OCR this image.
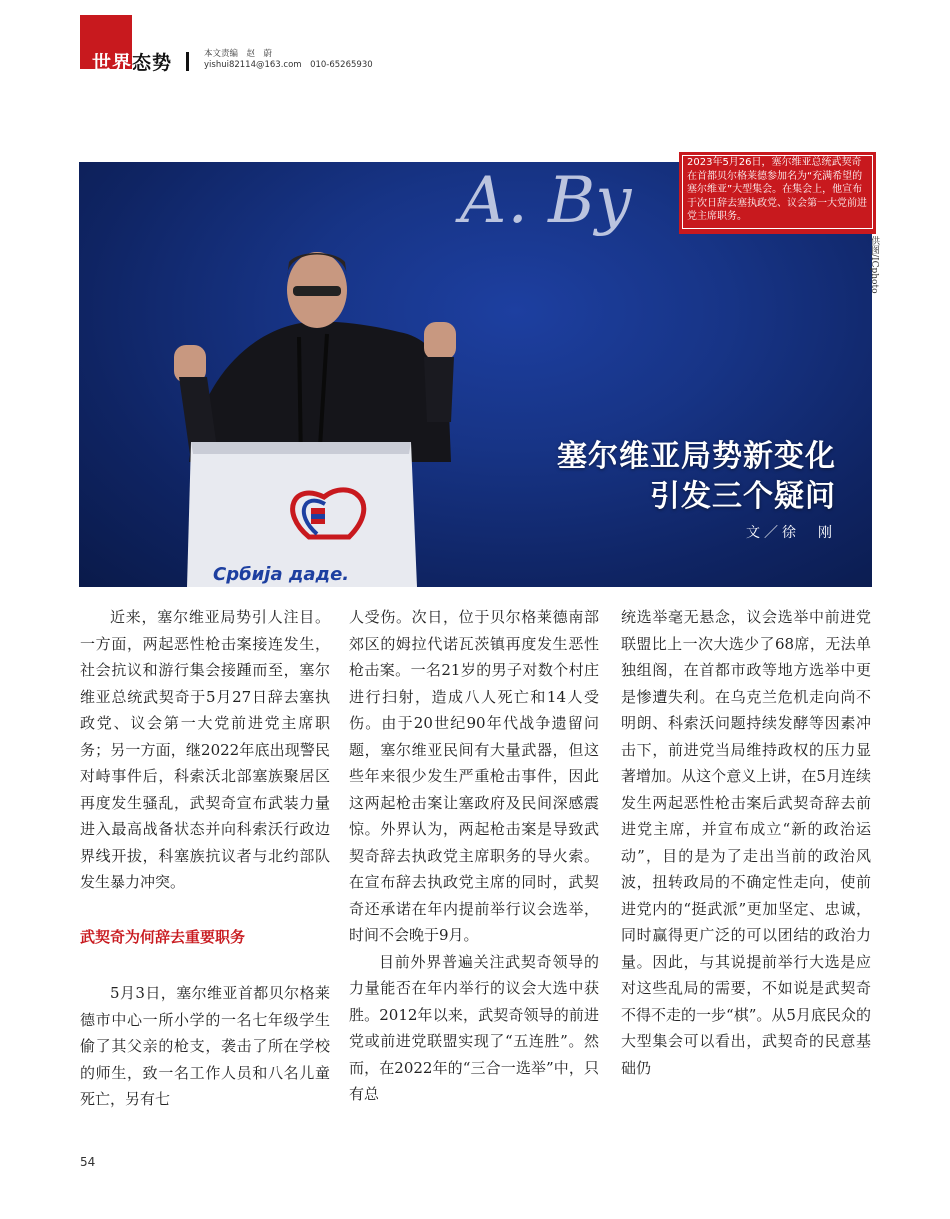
世界态势	本文责编　赵　蔚
yishui82114@163.com　010-65265930
А. Ву
Србија даде.
2023年5月26日，塞尔维亚总统武契奇在首都贝尔格莱德参加名为“充满希望的塞尔维亚”大型集会。在集会上，他宣布于次日辞去塞执政党、议会第一大党前进党主席职务。
供图/ICphoto
塞尔维亚局势新变化
引发三个疑问
文／徐　刚

近来，塞尔维亚局势引人注目。一方面，两起恶性枪击案接连发生，社会抗议和游行集会接踵而至，塞尔维亚总统武契奇于5月27日辞去塞执政党、议会第一大党前进党主席职务；另一方面，继2022年底出现警民对峙事件后，科索沃北部塞族聚居区再度发生骚乱，武契奇宣布武装力量进入最高战备状态并向科索沃行政边界线开拔，科塞族抗议者与北约部队发生暴力冲突。

武契奇为何辞去重要职务

5月3日，塞尔维亚首都贝尔格莱德市中心一所小学的一名七年级学生偷了其父亲的枪支，袭击了所在学校的师生，致一名工作人员和八名儿童死亡，另有七

人受伤。次日，位于贝尔格莱德南部郊区的姆拉代诺瓦茨镇再度发生恶性枪击案。一名21岁的男子对数个村庄进行扫射，造成八人死亡和14人受伤。由于20世纪90年代战争遗留问题，塞尔维亚民间有大量武器，但这些年来很少发生严重枪击事件，因此这两起枪击案让塞政府及民间深感震惊。外界认为，两起枪击案是导致武契奇辞去执政党主席职务的导火索。在宣布辞去执政党主席的同时，武契奇还承诺在年内提前举行议会选举，时间不会晚于9月。

目前外界普遍关注武契奇领导的力量能否在年内举行的议会大选中获胜。2012年以来，武契奇领导的前进党或前进党联盟实现了“五连胜”。然而，在2022年的“三合一选举”中，只有总

统选举毫无悬念，议会选举中前进党联盟比上一次大选少了68席，无法单独组阁，在首都市政等地方选举中更是惨遭失利。在乌克兰危机走向尚不明朗、科索沃问题持续发酵等因素冲击下，前进党当局维持政权的压力显著增加。从这个意义上讲，在5月连续发生两起恶性枪击案后武契奇辞去前进党主席，并宣布成立“新的政治运动”，目的是为了走出当前的政治风波，扭转政局的不确定性走向，使前进党内的“挺武派”更加坚定、忠诚，同时赢得更广泛的可以团结的政治力量。因此，与其说提前举行大选是应对这些乱局的需要，不如说是武契奇不得不走的一步“棋”。从5月底民众的大型集会可以看出，武契奇的民意基础仍

54
